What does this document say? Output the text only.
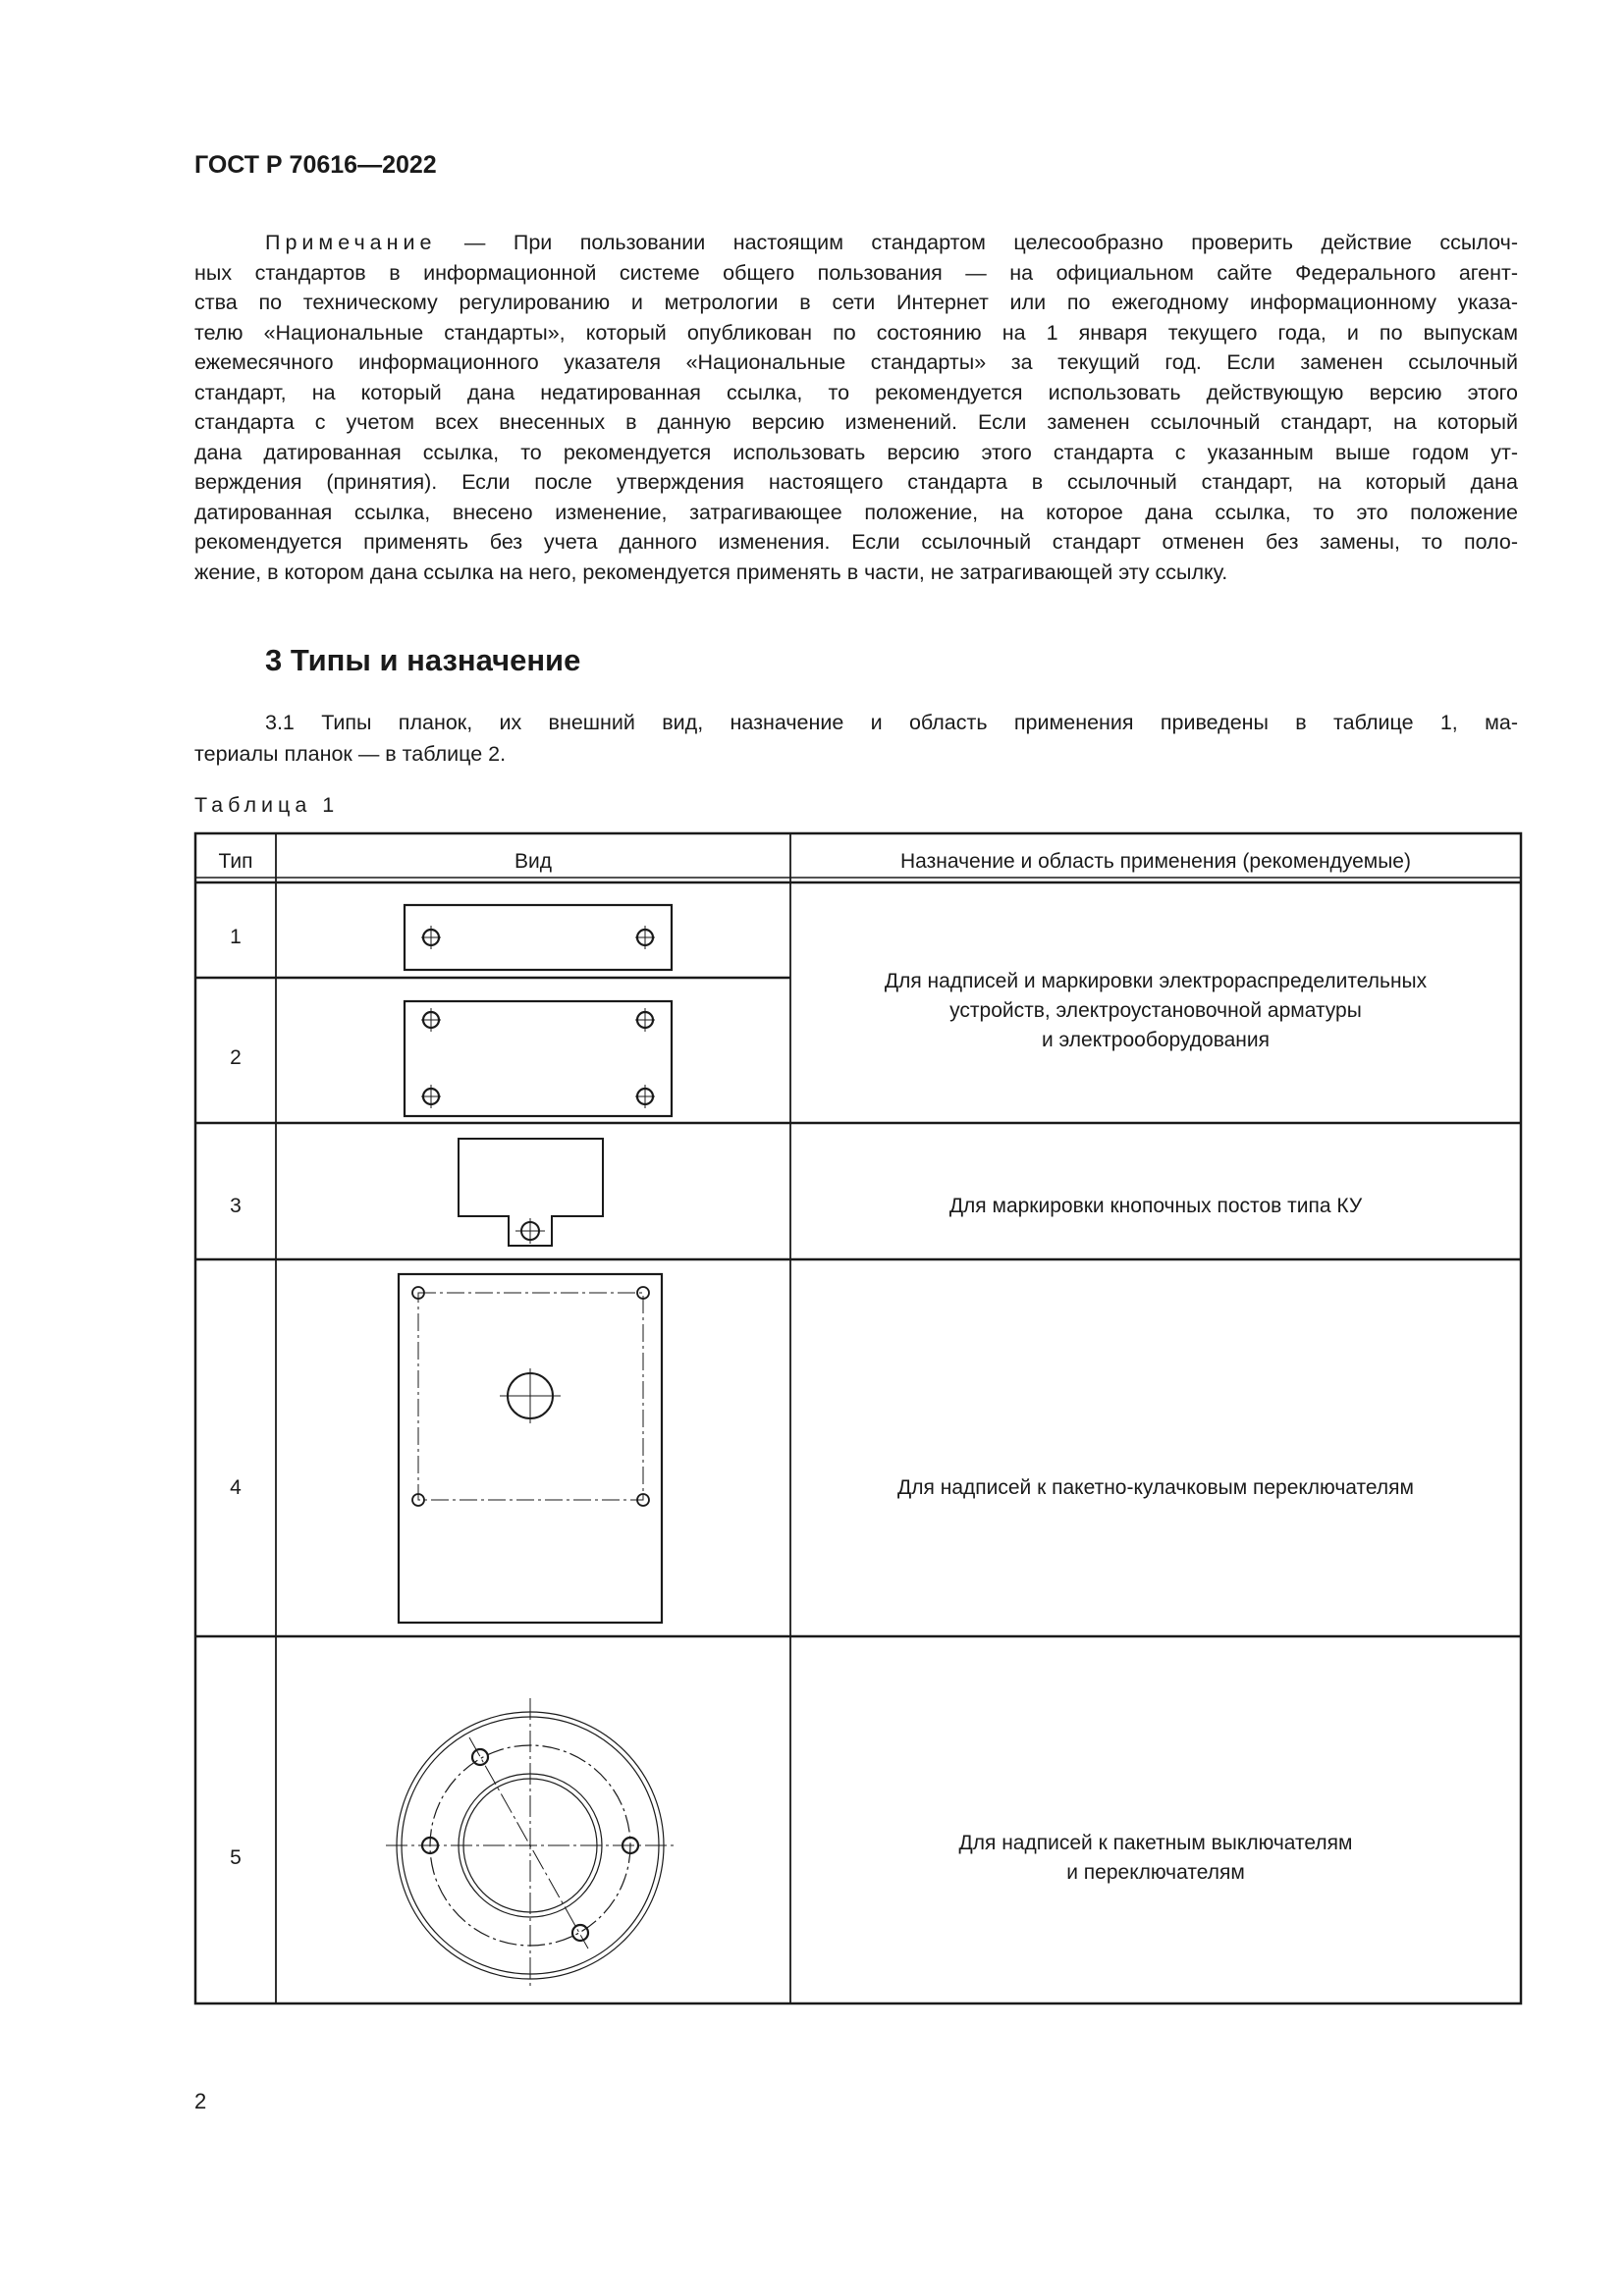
ГОСТ Р 70616—2022
Примечание — При пользовании настоящим стандартом целесообразно проверить действие ссылоч-
ных стандартов в информационной системе общего пользования — на официальном сайте Федерального агент-
ства по техническому регулированию и метрологии в сети Интернет или по ежегодному информационному указа-
телю «Национальные стандарты», который опубликован по состоянию на 1 января текущего года, и по выпускам
ежемесячного информационного указателя «Национальные стандарты» за текущий год. Если заменен ссылочный
стандарт, на который дана недатированная ссылка, то рекомендуется использовать действующую версию этого
стандарта с учетом всех внесенных в данную версию изменений. Если заменен ссылочный стандарт, на который
дана датированная ссылка, то рекомендуется использовать версию этого стандарта с указанным выше годом ут-
верждения (принятия). Если после утверждения настоящего стандарта в ссылочный стандарт, на который дана
датированная ссылка, внесено изменение, затрагивающее положение, на которое дана ссылка, то это положение
рекомендуется применять без учета данного изменения. Если ссылочный стандарт отменен без замены, то поло-
жение, в котором дана ссылка на него, рекомендуется применять в части, не затрагивающей эту ссылку.
3 Типы и назначение
3.1 Типы планок, их внешний вид, назначение и область применения приведены в таблице 1, ма-
териалы планок — в таблице 2.
Таблица 1
Тип	Вид	Назначение и область применения (рекомендуемые)
1
2
3
4
5
Для надписей и маркировки электрораспределительных
устройств, электроустановочной арматуры
и электрооборудования
Для маркировки кнопочных постов типа КУ
Для надписей к пакетно-кулачковым переключателям
Для надписей к пакетным выключателям
и переключателям
2
